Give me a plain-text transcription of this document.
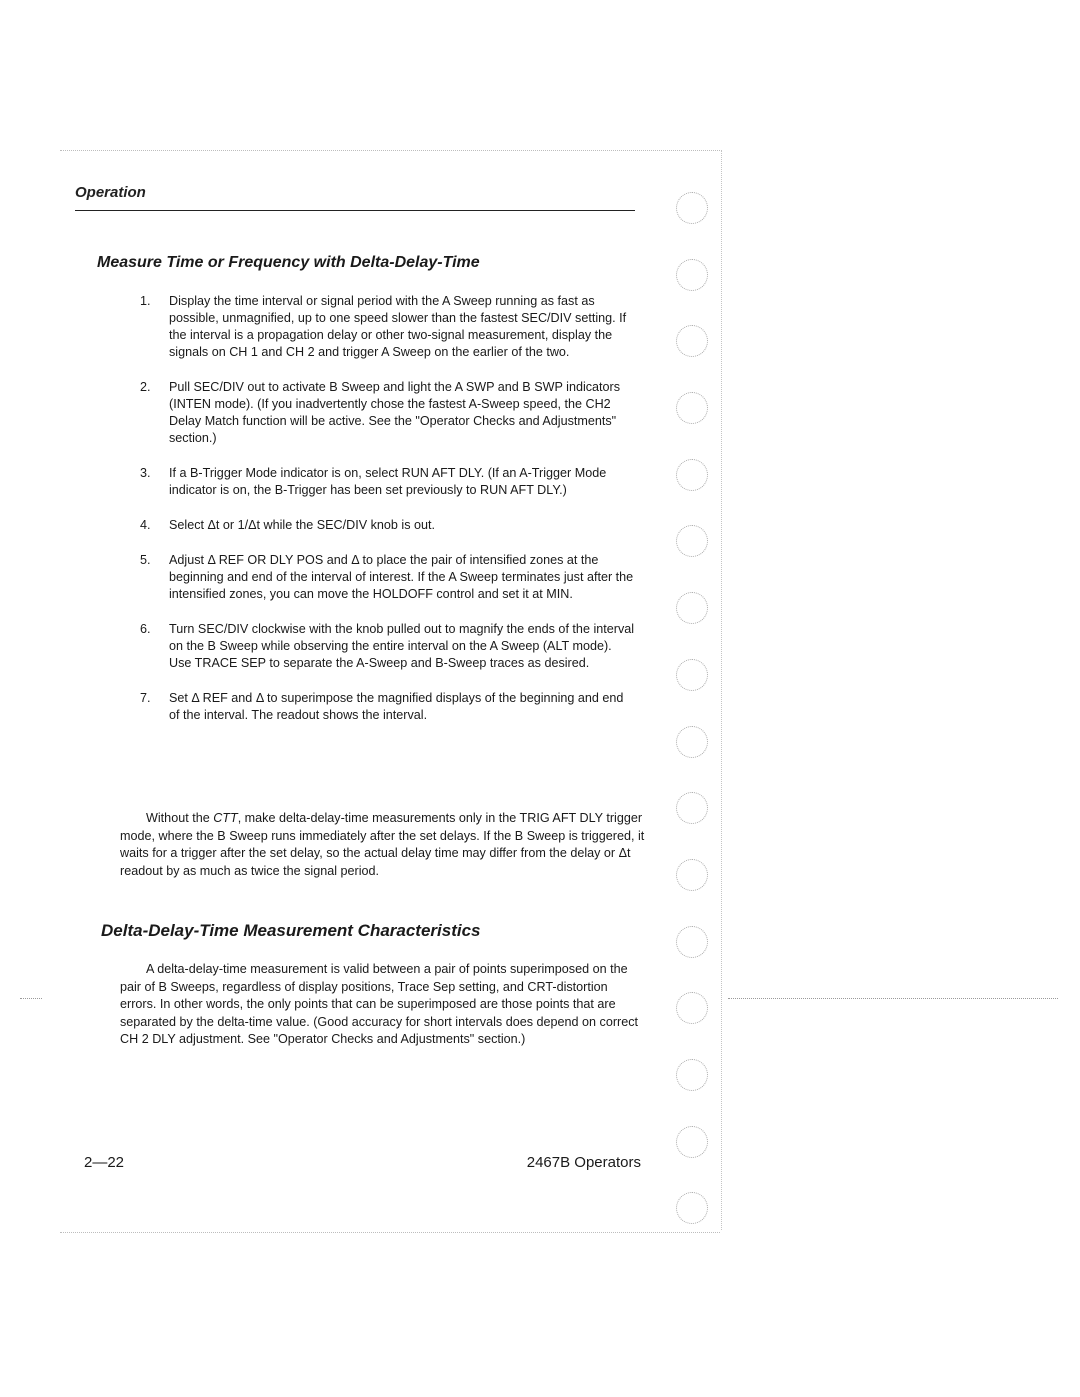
Operation
Measure Time or Frequency with Delta-Delay-Time
1.	Display the time interval or signal period with the A Sweep running as fast as possible, unmagnified, up to one speed slower than the fastest SEC/DIV setting. If the interval is a propagation delay or other two-signal measurement, display the signals on CH 1 and CH 2 and trigger A Sweep on the earlier of the two.
2.	Pull SEC/DIV out to activate B Sweep and light the A SWP and B SWP indicators (INTEN mode). (If you inadvertently chose the fastest A-Sweep speed, the CH2 Delay Match function will be active. See the "Operator Checks and Adjustments" section.)
3.	If a B-Trigger Mode indicator is on, select RUN AFT DLY. (If an A-Trigger Mode indicator is on, the B-Trigger has been set previously to RUN AFT DLY.)
4.	Select Δt or 1/Δt while the SEC/DIV knob is out.
5.	Adjust Δ REF OR DLY POS and Δ to place the pair of intensified zones at the beginning and end of the interval of interest. If the A Sweep terminates just after the intensified zones, you can move the HOLDOFF control and set it at MIN.
6.	Turn SEC/DIV clockwise with the knob pulled out to magnify the ends of the interval on the B Sweep while observing the entire interval on the A Sweep (ALT mode). Use TRACE SEP to separate the A-Sweep and B-Sweep traces as desired.
7.	Set Δ REF and Δ to superimpose the magnified displays of the beginning and end of the interval. The readout shows the interval.
Without the CTT, make delta-delay-time measurements only in the TRIG AFT DLY trigger mode, where the B Sweep runs immediately after the set delays. If the B Sweep is triggered, it waits for a trigger after the set delay, so the actual delay time may differ from the delay or Δt readout by as much as twice the signal period.
Delta-Delay-Time Measurement Characteristics
A delta-delay-time measurement is valid between a pair of points superimposed on the pair of B Sweeps, regardless of display positions, Trace Sep setting, and CRT-distortion errors. In other words, the only points that can be superimposed are those points that are separated by the delta-time value. (Good accuracy for short intervals does depend on correct CH 2 DLY adjustment. See "Operator Checks and Adjustments" section.)
2—22	2467B Operators
